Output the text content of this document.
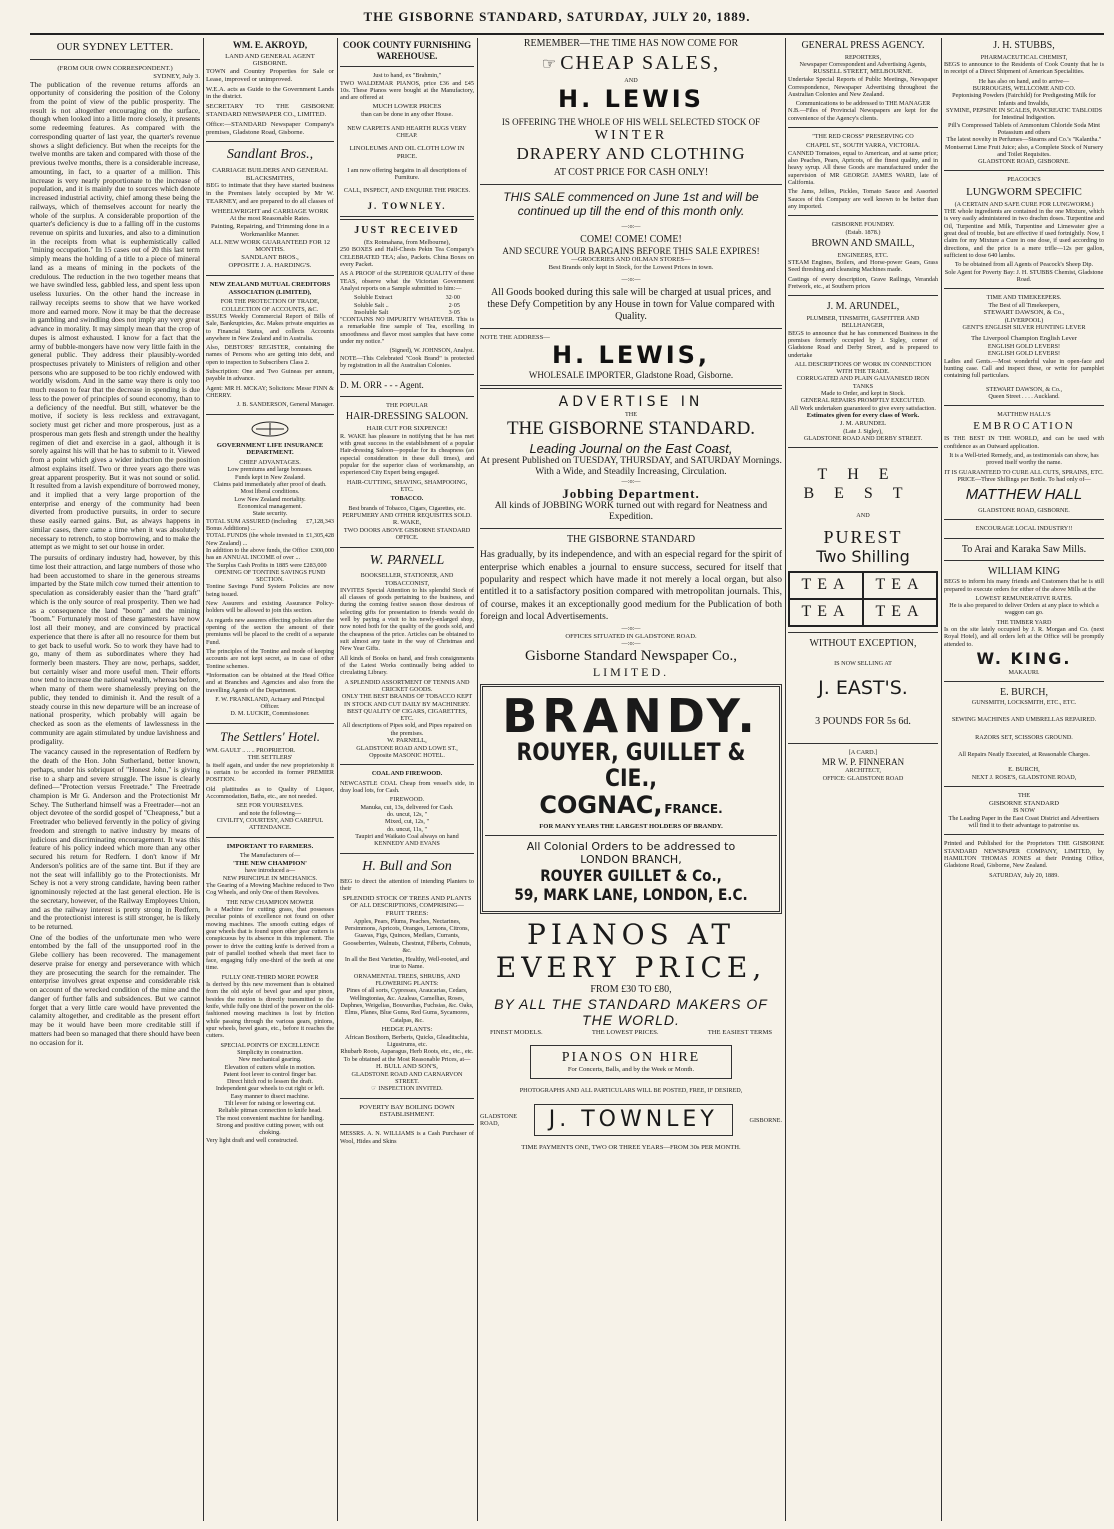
THE GISBORNE STANDARD, SATURDAY, JULY 20, 1889.
OUR SYDNEY LETTER.
(FROM OUR OWN CORRESPONDENT.)
SYDNEY, July 3.

The publication of the revenue returns affords an opportunity of considering the position of the Colony from the point of view of the public prosperity. The result is not altogether encouraging on the surface, though when looked into a little more closely, it presents some redeeming features. As compared with the corresponding quarter of last year, the quarter's revenue shows a slight deficiency. But when the receipts for the twelve months are taken and compared with those of the previous twelve months, there is a considerable increase, amounting, in fact, to a quarter of a million. This increase is very nearly proportionate to the increase of population, and it is mainly due to sources which denote increased industrial activity, chief among these being the railways, which of themselves account for nearly the whole of the surplus. A considerable proportion of the quarter's deficiency is due to a falling off in the customs revenue on spirits and luxuries, and also to a diminution in the receipts from what is euphemistically called "mining occupation." In 15 cases out of 20 this last term simply means the holding of a title to a piece of mineral land as a means of mining in the pockets of the credulous. The reduction in the two together means that we have swindled less, gabbled less, and spent less upon useless luxuries. On the other hand the increase in railway receipts seems to show that we have worked more and earned more. Now it may be that the decrease in gambling and swindling does not imply any very great advance in morality. It may simply mean that the crop of dupes is almost exhausted. I know for a fact that the army of bubble-mongers have now very little faith in the general public. They address their plausibly-worded prospectuses privately to Ministers of religion and other persons who are supposed to be too richly endowed with worldly wisdom. And in the same way there is only too much reason to fear that the decrease in spending is due less to the power of principles of sound economy, than to a deficiency of the needful. But still, whatever be the motive, if society is less reckless and extravagant, society must get richer and more prosperous, just as a prosperous man gets flesh and strength under the healthy regimen of diet and exercise in a gaol, although it is sorely against his will that he has to submit to it. Viewed from a point which gives a wider induction the position almost explains itself. Two or three years ago there was great apparent prosperity. But it was not sound or solid. It resulted from a lavish expenditure of borrowed money, and it implied that a very large proportion of the enterprise and energy of the community had been diverted from productive pursuits, in order to secure these easily earned gains. But, as always happens in similar cases, there came a time when it was absolutely necessary to retrench, to stop borrowing, and to make the attempt as we might to set our house in order.

The pursuits of ordinary industry had, however, by this time lost their attraction, and large numbers of those who had been accustomed to share in the generous streams imparted by the State milch cow turned their attention to speculation as considerably easier than the "hard graft" which is the only source of real prosperity. Then we had as a consequence the land "boom" and the mining "boom." Fortunately most of these gamesters have now lost all their money, and are convinced by practical experience that there is after all no resource for them but to get back to useful work. So to work they have had to go, many of them as subordinates where they had formerly been masters. They are now, perhaps, sadder, but certainly wiser and more useful men. Their efforts now tend to increase the national wealth, whereas before, when many of them were shamelessly preying on the public, they tended to diminish it. And the result of a steady course in this new departure will be an increase of national prosperity, which probably will again be checked as soon as the elements of lawlessness in the community are again stimulated by undue lavishness and prodigality.

The vacancy caused in the representation of Redfern by the death of the Hon. John Sutherland, better known, perhaps, under his sobriquet of "Honest John," is giving rise to a sharp and severe struggle. The issue is clearly defined—"Protection versus Freetrade." The Freetrade champion is Mr G. Anderson and the Protectionist Mr Schey. The Sutherland himself was a Freetrader—not an object devotee of the sordid gospel of "Cheapness," but a Freetrader who believed fervently in the policy of giving freedom and strength to native industry by means of judicious and discriminating encouragement. It was this feature of his policy indeed which more than any other secured his return for Redfern. I don't know if Mr Anderson's politics are of the same tint. But if they are not the seat will infallibly go to the Protectionists. Mr Schey is not a very strong candidate, having been rather ignominously rejected at the last general election. He is the secretary, however, of the Railway Employees Union, and as the railway interest is pretty strong in Redfern, and the protectionist interest is still stronger, he is likely to be returned.

One of the bodies of the unfortunate men who were entombed by the fall of the unsupported roof in the Glebe colliery has been recovered. The management deserve praise for energy and perseverance with which they are prosecuting the search for the remainder. The enterprise involves great expense and considerable risk on account of the wrecked condition of the mine and the danger of further falls and subsidences. But we cannot forget that a very little care would have prevented the calamity altogether, and creditable as the present effort may be it would have been more creditable still if matters had been so managed that there should have been no occasion for it.

WM. E. AKROYD,
LAND AND GENERAL AGENT
GISBORNE.

TOWN and Country Properties for Sale or Lease, improved or unimproved.

W.E.A. acts as Guide to the Government Lands in the district.

SECRETARY TO THE GISBORNE STANDARD NEWSPAPER CO., LIMITED.

Office:—STANDARD Newspaper Company's premises, Gladstone Road, Gisborne.

Sandlant Bros.,
CARRIAGE BUILDERS AND GENERAL BLACKSMITHS,

BEG to intimate that they have started business in the Premises lately occupied by Mr W. TEARNEY, and are prepared to do all classes of

WHEELWRIGHT and CARRIAGE WORK
At the most Reasonable Rates.
Painting, Repairing, and Trimming done in a Workmanlike Manner.
ALL NEW WORK GUARANTEED FOR 12 MONTHS.
SANDLANT BROS.,
OPPOSITE J. A. HARDING'S.
NEW ZEALAND MUTUAL CREDITORS ASSOCIATION (LIMITED),
FOR THE PROTECTION OF TRADE, COLLECTION OF ACCOUNTS, &C.

ISSUES Weekly Commercial Report of Bills of Sale, Bankruptcies, &c. Makes private enquiries as to Financial Status, and collects Accounts anywhere in New Zealand and in Australia.

Also, DEBTORS' REGISTER, containing the names of Persons who are getting into debt, and open to inspection to Subscribers Class 2.

Subscription: One and Two Guineas per annum, payable in advance.

Agent: MR H. MCKAY; Solicitors: Messr FINN & CHERRY.

J. B. SANDERSON, General Manager.
GOVERNMENT LIFE INSURANCE DEPARTMENT.
CHIEF ADVANTAGES.
Low premiums and large bonuses.
Funds kept in New Zealand.
Claims paid immediately after proof of death.
Most liberal conditions.
Low New Zealand mortality.
Economical management.
State security.
TOTAL SUM ASSURED (including Bonus Additions) ...
£7,128,343
TOTAL FUNDS (the whole invested in New Zealand) ...
£1,305,428
In addition to the above funds, the Office has an ANNUAL INCOME of over ...
£300,000
The Surplus Cash Profits in 1885 were £283,000
OPENING OF TONTINE SAVINGS FUND SECTION.

Tontine Savings Fund System Policies are now being issued.

New Assurers and existing Assurance Policy-holders will be allowed to join this section.

As regards new assurers effecting policies after the opening of the section the amount of their premiums will be placed to the credit of a separate Fund.

The principles of the Tontine and mode of keeping accounts are not kept secret, as in case of other Tontine schemes.

*Information can be obtained at the Head Office and at Branches and Agencies and also from the travelling Agents of the Department.

F. W. FRANKLAND, Actuary and Principal Officer.
D. M. LUCKIE, Commissioner.
The Settlers' Hotel.
WM. GAULT .. .. .. PROPRIETOR.
THE SETTLERS'

Is itself again, and under the new proprietorship it is certain to be accorded its former PREMIER POSITION.

Old plattitudes as to Quality of Liquor, Accommodation, Baths, etc., are not needed.

SEE FOR YOURSELVES.
and note the following—
CIVILITY, COURTESY, AND CAREFUL ATTENDANCE.
IMPORTANT TO FARMERS.
The Manufacturers of—
'THE NEW CHAMPION'
have introduced a—
NEW PRINCIPLE IN MECHANICS.

The Gearing of a Mowing Machine reduced to Two Cog Wheels, and only One of them Revolves.

THE NEW CHAMPION MOWER

Is a Machine for cutting grass, that possesses peculiar points of excellence not found on other mowing machines. The smooth cutting edges of gear wheels that is found upon other gear cutters is conspicuous by its absence in this implement. The power to drive the cutting knife is derived from a pair of parallel toothed wheels that meet face to face, engaging fully one-third of the teeth at one time.

FULLY ONE-THIRD MORE POWER

Is derived by this new movement than is obtained from the old style of bevel gear and spur pinon, besides the motion is directly transmitted to the knife, while fully one third of the power on the old-fashioned mowing machines is lost by friction while passing through the various gears, pinions, spur wheels, bevel gears, etc., before it reaches the cutters.

SPECIAL POINTS OF EXCELLENCE
Simplicity in construction.
New mechanical gearing.
Elevation of cutters while in motion.
Patent foot lever to control finger bar.
Direct hitch rod to lessen the draft.
Independent gear wheels to cut right or left.
Easy manner to disect machine.
Tilt lever for raising or lowering cut.
Reliable pitman connection to knife head.
The most convenient machine for handling.
Strong and positive cutting power, with out choking.

Very light draft and well constructed.

COOK COUNTY FURNISHING WAREHOUSE.
Just to hand, ex "Brahmin,"

TWO WALDEMAR PIANOS, price £36 and £45 10s. These Pianos were bought at the Manufactory, and are offered at

MUCH LOWER PRICES
than can be done in any other House.
NEW CARPETS AND HEARTH RUGS VERY CHEAP.
LINOLEUMS AND OIL CLOTH LOW IN PRICE.
I am now offering bargains in all descriptions of Furniture.
CALL, INSPECT, AND ENQUIRE THE PRICES.
J. TOWNLEY.
JUST RECEIVED
(Ex Rotmahana, from Melbourne),

250 BOXES and Half-Chests Pekin Tea Company's CELEBRATED TEA; also, Packets. China Boxes on every Packet.

AS A PROOF of the SUPERIOR QUALITY of these TEAS, observe what the Victorian Government Analyst reports on a Sample submitted to him:—

Soluble Extract	32·00
Soluble Salt ..	2·05
Insoluble Salt	3·05

"CONTAINS NO IMPURITY WHATEVER. This is a remarkable fine sample of Tea, excelling in smoothness and flavor most samples that have come under my notice."

(Signed), W. JOHNSON, Analyst.

NOTE—This Celebrated "Cook Brand" is protected by registration in all the Australian Colonies.

D. M. ORR - - - Agent.
THE POPULAR
HAIR-DRESSING SALOON.
HAIR CUT FOR SIXPENCE!

R. WAKE has pleasure in notifying that he has met with great success in the establishment of a popular Hair-dressing Saloon—popular for its cheapness (an especial consideration in these dull times), and popular for the superior class of workmanship, an experienced City Expert being engaged.

HAIR-CUTTING, SHAVING, SHAMPOOING, ETC.
TOBACCO.
Best brands of Tobacco, Cigars, Cigarettes, etc.
PERFUMERY AND OTHER REQUISITES SOLD.
R. WAKE,
TWO DOORS ABOVE GISBORNE STANDARD OFFICE.
W. PARNELL
BOOKSELLER, STATIONER, AND TOBACCONIST,

INVITES Special Attention to his splendid Stock of all classes of goods pertaining to the business, and during the coming festive season those desirous of selecting gifts for presentation to friends would do well by paying a visit to his newly-enlarged shop, now noted both for the quality of the goods sold, and the cheapness of the price. Articles can be obtained to suit almost any taste in the way of Christmas and New Year Gifts.

All kinds of Books on hand, and fresh consignments of the Latest Works continually being added to circulating Library.

A SPLENDID ASSORTMENT OF TENNIS AND CRICKET GOODS.
ONLY THE BEST BRANDS OF TOBACCO KEPT IN STOCK AND CUT DAILY BY MACHINERY.
BEST QUALITY OF CIGARS, CIGARETTES, ETC.
All descriptions of Pipes sold, and Pipes repaired on the premises.
W. PARNELL,
GLADSTONE ROAD AND LOWE ST.,
Opposite MASONIC HOTEL.
COAL AND FIREWOOD.

NEWCASTLE COAL Cheap from vessel's side, in dray load lots, for Cash.

FIREWOOD.
Manuka, cut, 13s, delivered for Cash.
do. uncut, 12s, "
Mixed, cut, 12s, "
do. uncut, 11s, "
Taupiri and Waikato Coal always on hand
KENNEDY AND EVANS
H. Bull and Son

BEG to direct the attention of intending Planters to their

SPLENDID STOCK OF TREES AND PLANTS
OF ALL DESCRIPTIONS, COMPRISING—
FRUIT TREES:

Apples, Pears, Plums, Peaches, Nectarines, Persimmons, Apricots, Oranges, Lemons, Citrons, Guavas, Figs, Quinces, Medlars, Currants, Gooseberries, Walnuts, Chestnut, Filberts, Cobnuts, &c.

In all the Best Varieties, Healthy, Well-rooted, and true to Name.

ORNAMENTAL TREES, SHRUBS, AND FLOWERING PLANTS:

Pines of all sorts, Cypresses, Araucarias, Cedars, Wellingtonias, &c. Azaleas, Camellias, Roses, Daphnes, Weigelias, Bouvardias, Fuchsias, &c. Oaks, Elms, Planes, Blue Gums, Red Gums, Sycamores, Catalpas, &c.

HEDGE PLANTS:
African Boxthorn, Berberis, Quicks, Gleaditschia, Ligustrums, etc.
Rhubarb Roots, Asparagus, Herb Roots, etc., etc., etc.
To be obtained at the Most Reasonable Prices, at—
H. BULL AND SON'S,
GLADSTONE ROAD AND CARNARVON STREET.
☞ INSPECTION INVITED.
POVERTY BAY BOILING DOWN ESTABLISHMENT.

MESSRS. A. N. WILLIAMS is a Cash Purchaser of Wool, Hides and Skins

REMEMBER—THE TIME HAS NOW COME FOR
☞ CHEAP SALES,
AND
H. LEWIS
IS OFFERING THE WHOLE OF HIS WELL SELECTED STOCK OF
WINTER
DRAPERY AND CLOTHING
AT COST PRICE FOR CASH ONLY!
THIS SALE commenced on June 1st and will be continued up till the end of this month only.
—:o:—
COME! COME! COME!
AND SECURE YOUR BARGAINS BEFORE THIS SALE EXPIRES!
—GROCERIES AND OILMAN STORES—
Best Brands only kept in Stock, for the Lowest Prices in town.
—:o:—
All Goods booked during this sale will be charged at usual prices, and these Defy Competition by any House in town for Value compared with Quality.
NOTE THE ADDRESS—
H. LEWIS,
WHOLESALE IMPORTER, Gladstone Road, Gisborne.
ADVERTISE IN
THE
THE GISBORNE STANDARD.
Leading Journal on the East Coast,
At present Published on TUESDAY, THURSDAY, and SATURDAY Mornings.
With a Wide, and Steadily Increasing, Circulation.
—:o:—
Jobbing Department.
All kinds of JOBBING WORK turned out with regard for Neatness and Expedition.
THE GISBORNE STANDARD

Has gradually, by its independence, and with an especial regard for the spirit of enterprise which enables a journal to ensure success, secured for itself that popularity and respect which have made it not merely a local organ, but also entitled it to a satisfactory position compared with metropolitan journals. This, of course, makes it an exceptionally good medium for the Publication of both foreign and local Advertisements.

—:o:—
OFFICES SITUATED IN GLADSTONE ROAD.
—:o:—
Gisborne Standard Newspaper Co.,
LIMITED.
BRANDY.
ROUYER, GUILLET & CIE.,
COGNAC, FRANCE.
FOR MANY YEARS THE LARGEST HOLDERS OF BRANDY.
All Colonial Orders to be addressed to
LONDON BRANCH,
ROUYER GUILLET & Co.,
59, MARK LANE, LONDON, E.C.
PIANOS AT EVERY PRICE,
FROM £30 TO £80,
BY ALL THE STANDARD MAKERS OF THE WORLD.
FINEST MODELS.	THE LOWEST PRICES.	THE EASIEST TERMS
PIANOS ON HIRE
For Concerts, Balls, and by the Week or Month.
PHOTOGRAPHS AND ALL PARTICULARS WILL BE POSTED, FREE, IF DESIRED,
GLADSTONE
ROAD,	J. TOWNLEY	GISBORNE.
TIME PAYMENTS ONE, TWO OR THREE YEARS—FROM 30s PER MONTH.
GENERAL PRESS AGENCY.
REPORTERS,
Newspaper Correspondent and Advertising Agents,
RUSSELL STREET, MELBOURNE.

Undertake Special Reports of Public Meetings, Newspaper Correspondence, Newspaper Advertising throughout the Australian Colonies and New Zealand.

Communications to be addressed to THE MANAGER

N.B.—Files of Provincial Newspapers are kept for the convenience of the Agency's clients.

"THE RED CROSS" PRESERVING CO
CHAPEL ST., SOUTH YARRA, VICTORIA.

CANNED Tomatoes, equal to American, and at same price; also Peaches, Pears, Apricots, of the finest quality, and in heavy syrup. All these Goods are manufactured under the supervision of MR GEORGE JAMES WARD, late of California.

The Jams, Jellies, Pickles, Tomato Sauce and Assorted Sauces of this Company are well known to be better than any imported.

GISBORNE FOUNDRY.
(Estab. 1878.)
BROWN AND SMAILL,
ENGINEERS, ETC.

STEAM Engines, Boilers, and Horse-power Gears, Grass Seed threshing and cleansing Machines made.

Castings of every description, Grave Railings, Verandah Fretwork, etc., at Southern prices

J. M. ARUNDEL,
PLUMBER, TINSMITH, GASFITTER AND BELLHANGER,

BEGS to announce that he has commenced Business in the premises formerly occupied by J. Sigley, corner of Gladstone Road and Derby Street, and is prepared to undertake

ALL DESCRIPTIONS OF WORK IN CONNECTION WITH THE TRADE.
CORRUGATED AND PLAIN GALVANISED IRON TANKS
Made to Order, and kept in Stock.
GENERAL REPAIRS PROMPTLY EXECUTED.
All Work undertaken guaranteed to give every satisfaction.
Estimates given for every class of Work.
J. M. ARUNDEL
(Late J. Sigley),
GLADSTONE ROAD AND DERBY STREET.
THE BEST
AND
PUREST
Two Shilling
TEA	TEA
TEA	TEA
WITHOUT EXCEPTION,
IS NOW SELLING AT
J. EAST'S.
3 POUNDS FOR 5s 6d.
[A CARD.]
MR W. P. FINNERAN
ARCHITECT,
OFFICE: GLADSTONE ROAD
J. H. STUBBS,
PHARMACEUTICAL CHEMIST,

BEGS to announce to the Residents of Cook County that he is in receipt of a Direct Shipment of American Specialities.

He has also on hand, and to arrive—
BURROUGHS, WELLCOME AND CO.
Peptonising Powders (Fairchild) for Predigesting Milk for Infants and Invalids,
SYMINE, PEPSINE IN SCALES, PANCREATIC TABLOIDS for Intestinal Indigestion.
Pill's Compressed Tablets of Ammonium Chloride Soda Mint Potassium and others
The latest novelty in Perfumes—Stearns and Co.'s "Kalantha."
Montserrat Lime Fruit Juice; also, a Complete Stock of Nursery and Toilet Requisites.
GLADSTONE ROAD, GISBORNE.
PEACOCK'S
LUNGWORM SPECIFIC
(A CERTAIN AND SAFE CURE FOR LUNGWORM.)

THE whole ingredients are contained in the one Mixture, which is very easily administered in two drachm doses. Turpentine and Oil, Turpentine and Milk, Turpentine and Limewater give a great deal of trouble, but are effective if used fortnightly. Now, I claim for my Mixture a Cure in one dose, if used according to directions, and the price is a mere trifle—12s per gallon, sufficient to dose 640 lambs.

To be obtained from all Agents of Peacock's Sheep Dip.
Sole Agent for Poverty Bay: J. H. STUBBS Chemist, Gladstone Road.
TIME AND TIMEKEEPERS.
The Best of all Timekeepers,
STEWART DAWSON, & Co.,
(LIVERPOOL)
GENT'S ENGLISH SILVER HUNTING LEVER
The Liverpool Champion English Lever
ENGLISH GOLD LEVERS!
ENGLISH GOLD LEVERS!

Ladies and Gents.—Most wonderful value in open-face and hunting case. Call and inspect these, or write for pamphlet containing full particulars.

STEWART DAWSON, & Co.,
Queen Street . . . . Auckland.
MATTHEW HALL'S
EMBROCATION

IS THE BEST IN THE WORLD, and can be used with confidence as an Outward application.

It is a Well-tried Remedy, and, as testimonials can show, has proved itself worthy the name.

IT IS GUARANTEED TO CURE ALL CUTS, SPRAINS, ETC.
PRICE—Three Shillings per Bottle. To had only of—
MATTHEW HALL
GLADSTONE ROAD, GISBORNE.
ENCOURAGE LOCAL INDUSTRY!!
To Arai and Karaka Saw Mills.
WILLIAM KING

BEGS to inform his many friends and Customers that he is still prepared to execute orders for either of the above Mills at the

LOWEST REMUNERATIVE RATES.

He is also prepared to deliver Orders at any place to which a waggon can go.

THE TIMBER YARD

Is on the site lately occupied by J. R. Morgan and Co. (next Royal Hotel), and all orders left at the Office will be promptly attended to.

W. KING.
MAKAURI.
E. BURCH,
GUNSMITH, LOCKSMITH, ETC., ETC.
SEWING MACHINES AND UMBRELLAS REPAIRED.
RAZORS SET, SCISSORS GROUND.
All Repairs Neatly Executed, at Reasonable Charges.
E. BURCH,
NEXT J. ROSE'S, GLADSTONE ROAD,
THE
GISBORNE STANDARD
IS NOW

The Leading Paper in the East Coast District and Advertisers will find it to their advantage to patronise us.

Printed and Published for the Proprietors THE GISBORNE STANDARD NEWSPAPER COMPANY, LIMITED, by HAMILTON THOMAS JONES at their Printing Office, Gladstone Road, Gisborne, New Zealand.

SATURDAY, July 20, 1889.
